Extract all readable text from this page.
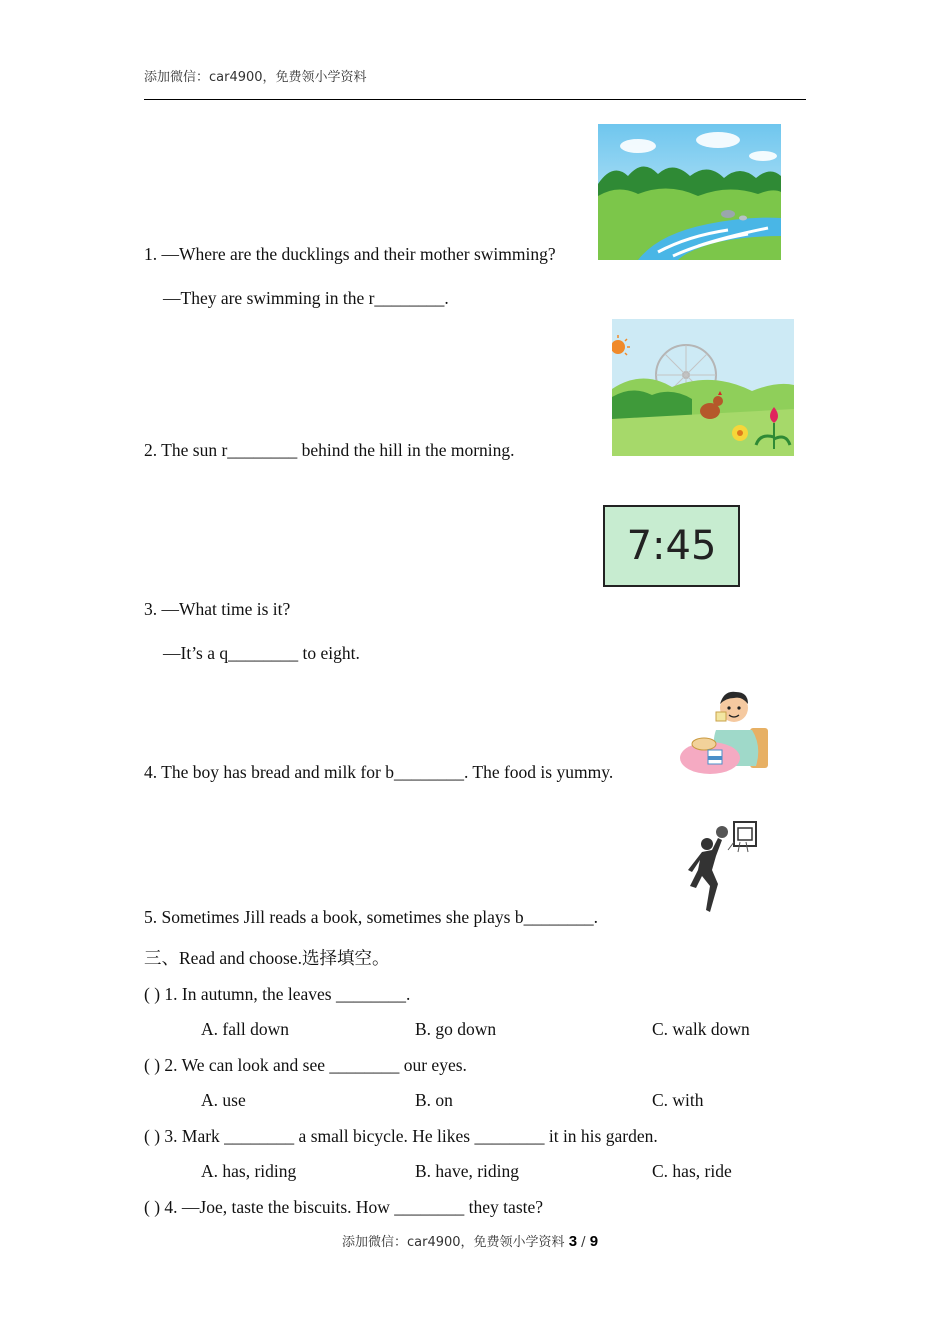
添加微信：car4900，免费领小学资料
1. —Where are the ducklings and their mother swimming?
—They are swimming in the r________.
2. The sun r________ behind the hill in the morning.
7:45
3. —What time is it?
—It’s a q________ to eight.
4. The boy has bread and milk for b________. The food is yummy.
5. Sometimes Jill reads a book, sometimes she plays b________.
三、Read and choose.选择填空。
( ) 1. In autumn, the leaves ________.
A. fall down	B. go down	C. walk down
( ) 2. We can look and see ________ our eyes.
A. use	B. on	C. with
( ) 3. Mark ________ a small bicycle. He likes ________ it in his garden.
A. has, riding	B. have, riding	C. has, ride
( ) 4. —Joe, taste the biscuits. How ________ they taste?
添加微信：car4900，免费领小学资料 3 / 9
